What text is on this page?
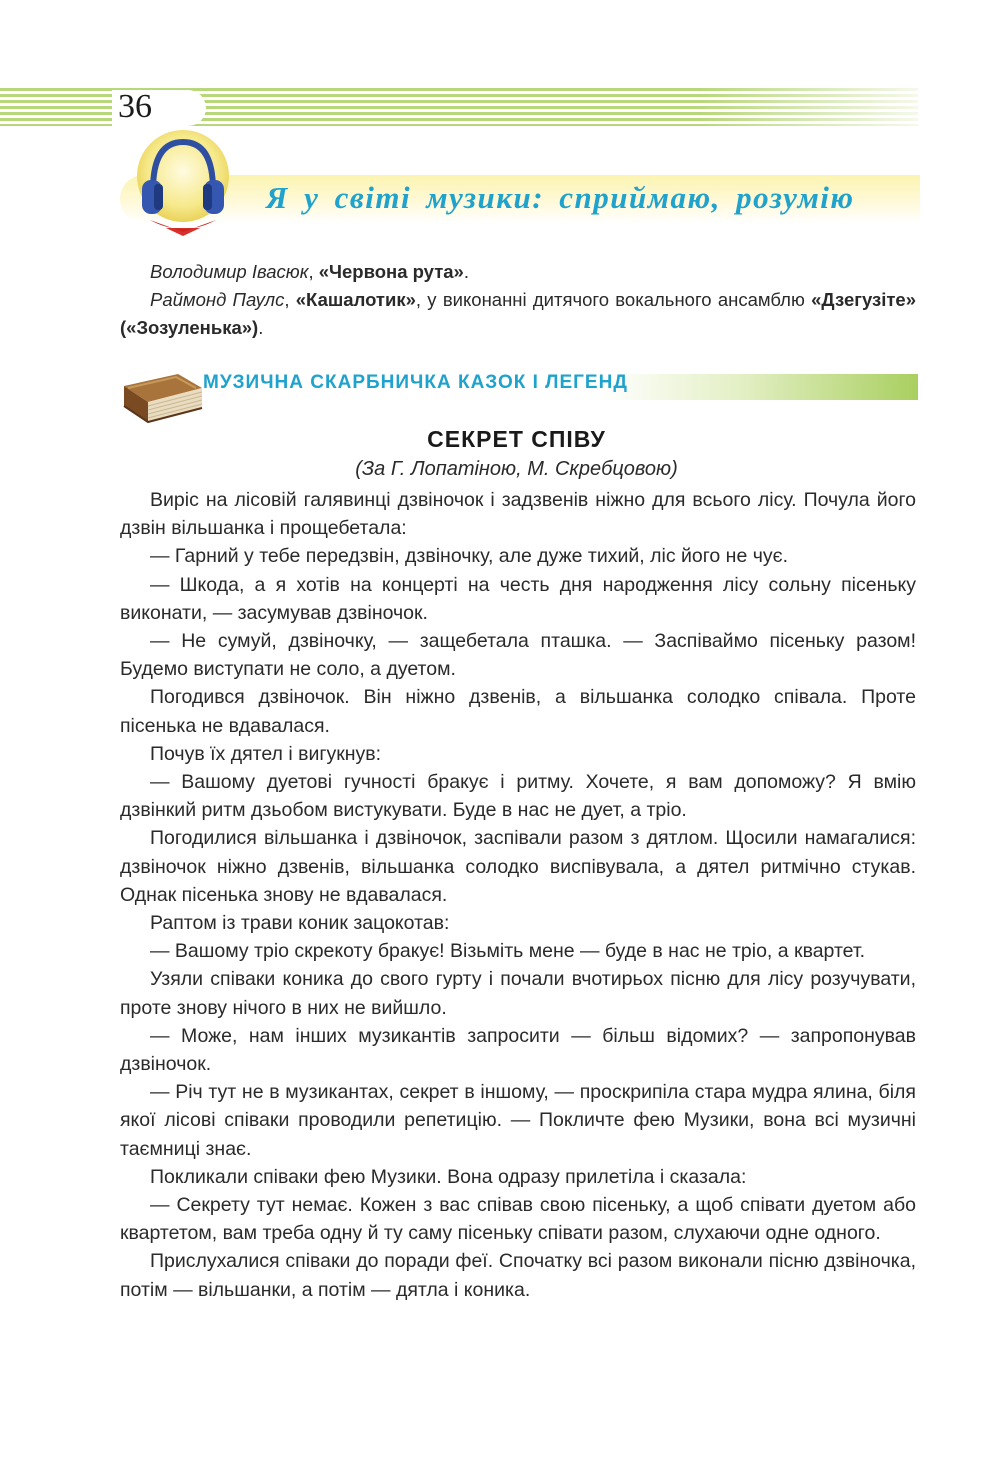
36
Я у світі музики: сприймаю, розумію

Володимир Івасюк, «Червона рута».

Раймонд Паулс, «Кашалотик», у виконанні дитячого вокального ансамблю «Дзегузіте» («Зозуленька»).

МУЗИЧНА СКАРБНИЧКА КАЗОК І ЛЕГЕНД
СЕКРЕТ СПІВУ
(За Г. Лопатіною, М. Скребцовою)

Виріс на лісовій галявинці дзвіночок і задзвенів ніжно для всього лісу. Почула його дзвін вільшанка і прощебетала:

— Гарний у тебе передзвін, дзвіночку, але дуже тихий, ліс його не чує.

— Шкода, а я хотів на концерті на честь дня народження лісу сольну пісеньку виконати, — засумував дзвіночок.

— Не сумуй, дзвіночку, — защебетала пташка. — Заспіваймо пісеньку разом! Будемо виступати не соло, а дуетом.

Погодився дзвіночок. Він ніжно дзвенів, а вільшанка солодко співала. Проте пісенька не вдавалася.

Почув їх дятел і вигукнув:

— Вашому дуетові гучності бракує і ритму. Хочете, я вам допоможу? Я вмію дзвінкий ритм дзьобом вистукувати. Буде в нас не дует, а тріо.

Погодилися вільшанка і дзвіночок, заспівали разом з дятлом. Щосили намагалися: дзвіночок ніжно дзвенів, вільшанка солодко виспівувала, а дятел ритмічно стукав. Однак пісенька знову не вдавалася.

Раптом із трави коник зацокотав:

— Вашому тріо скрекоту бракує! Візьміть мене — буде в нас не тріо, а квартет.

Узяли співаки коника до свого гурту і почали вчотирьох пісню для лісу розучувати, проте знову нічого в них не вийшло.

— Може, нам інших музикантів запросити — більш відомих? — запропонував дзвіночок.

— Річ тут не в музикантах, секрет в іншому, — проскрипіла стара мудра ялина, біля якої лісові співаки проводили репетицію. — Покличте фею Музики, вона всі музичні таємниці знає.

Покликали співаки фею Музики. Вона одразу прилетіла і сказала:

— Секрету тут немає. Кожен з вас співав свою пісеньку, а щоб співати дуетом або квартетом, вам треба одну й ту саму пісеньку співати разом, слухаючи одне одного.

Прислухалися співаки до поради феї. Спочатку всі разом виконали пісню дзвіночка, потім — вільшанки, а потім — дятла і коника.
